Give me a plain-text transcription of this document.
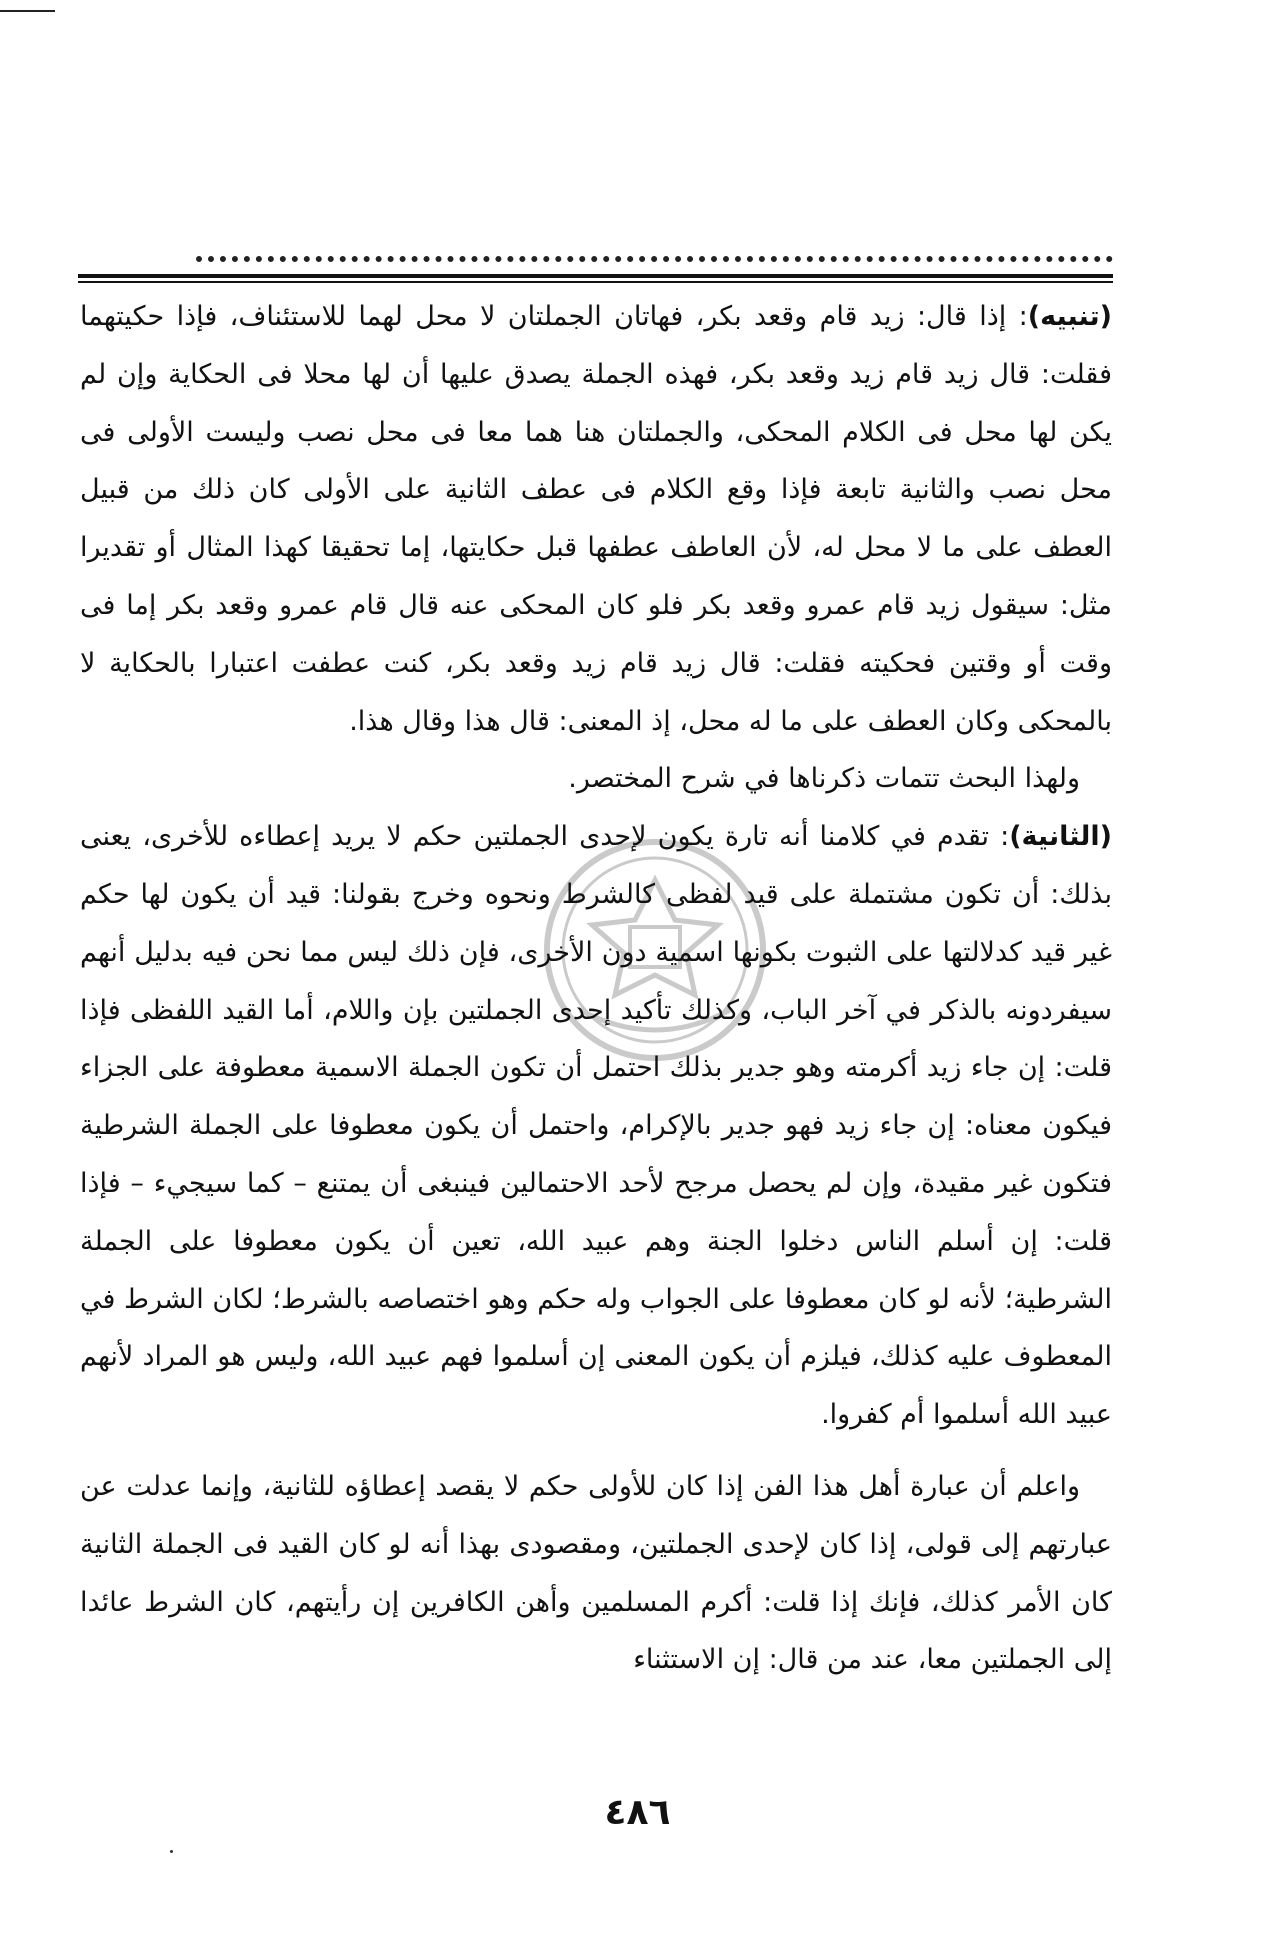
(تنبيه): إذا قال: زيد قام وقعد بكر، فهاتان الجملتان لا محل لهما للاستئناف، فإذا حكيتهما فقلت: قال زيد قام زيد وقعد بكر، فهذه الجملة يصدق عليها أن لها محلا فى الحكاية وإن لم يكن لها محل فى الكلام المحكى، والجملتان هنا هما معا فى محل نصب وليست الأولى فى محل نصب والثانية تابعة فإذا وقع الكلام فى عطف الثانية على الأولى كان ذلك من قبيل العطف على ما لا محل له، لأن العاطف عطفها قبل حكايتها، إما تحقيقا كهذا المثال أو تقديرا مثل: سيقول زيد قام عمرو وقعد بكر فلو كان المحكى عنه قال قام عمرو وقعد بكر إما فى وقت أو وقتين فحكيته فقلت: قال زيد قام زيد وقعد بكر، كنت عطفت اعتبارا بالحكاية لا بالمحكى وكان العطف على ما له محل، إذ المعنى: قال هذا وقال هذا.

ولهذا البحث تتمات ذكرناها في شرح المختصر.

(الثانية): تقدم في كلامنا أنه تارة يكون لإحدى الجملتين حكم لا يريد إعطاءه للأخرى، يعنى بذلك: أن تكون مشتملة على قيد لفظى كالشرط ونحوه وخرج بقولنا: قيد أن يكون لها حكم غير قيد كدلالتها على الثبوت بكونها اسمية دون الأخرى، فإن ذلك ليس مما نحن فيه بدليل أنهم سيفردونه بالذكر في آخر الباب، وكذلك تأكيد إحدى الجملتين بإن واللام، أما القيد اللفظى فإذا قلت: إن جاء زيد أكرمته وهو جدير بذلك احتمل أن تكون الجملة الاسمية معطوفة على الجزاء فيكون معناه: إن جاء زيد فهو جدير بالإكرام، واحتمل أن يكون معطوفا على الجملة الشرطية فتكون غير مقيدة، وإن لم يحصل مرجح لأحد الاحتمالين فينبغى أن يمتنع – كما سيجيء – فإذا قلت: إن أسلم الناس دخلوا الجنة وهم عبيد الله، تعين أن يكون معطوفا على الجملة الشرطية؛ لأنه لو كان معطوفا على الجواب وله حكم وهو اختصاصه بالشرط؛ لكان الشرط في المعطوف عليه كذلك، فيلزم أن يكون المعنى إن أسلموا فهم عبيد الله، وليس هو المراد لأنهم عبيد الله أسلموا أم كفروا.

واعلم أن عبارة أهل هذا الفن إذا كان للأولى حكم لا يقصد إعطاؤه للثانية، وإنما عدلت عن عبارتهم إلى قولى، إذا كان لإحدى الجملتين، ومقصودى بهذا أنه لو كان القيد فى الجملة الثانية كان الأمر كذلك، فإنك إذا قلت: أكرم المسلمين وأهن الكافرين إن رأيتهم، كان الشرط عائدا إلى الجملتين معا، عند من قال: إن الاستثناء

٤٨٦
